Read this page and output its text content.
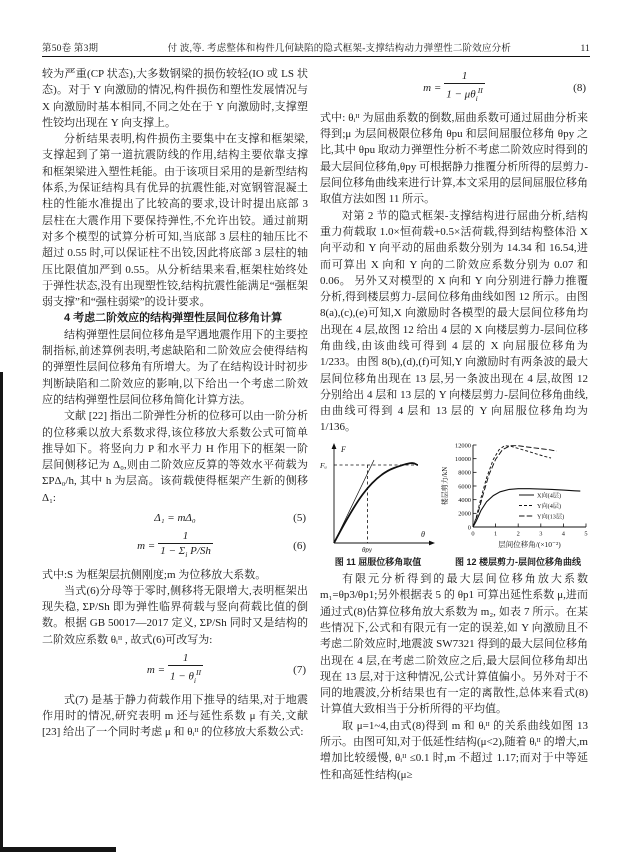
第50卷 第3期	付 波,等. 考虑整体和构件几何缺陷的隐式框架-支撑结构动力弹塑性二阶效应分析	11

较为严重(CP 状态),大多数钢梁的损伤较轻(IO 或 LS 状态)。对于 Y 向激励的情况,构件损伤和塑性发展情况与 X 向激励时基本相同,不同之处在于 Y 向激励时,支撑塑性铰均出现在 Y 向支撑上。

分析结果表明,构件损伤主要集中在支撑和框架梁,支撑起到了第一道抗震防线的作用,结构主要依靠支撑和框架梁进入塑性耗能。由于该项目采用的是新型结构体系,为保证结构具有优异的抗震性能,对宽钢管混凝土柱的性能水准提出了比较高的要求,设计时提出底部 3 层柱在大震作用下要保持弹性,不允许出铰。通过前期对多个模型的试算分析可知,当底部 3 层柱的轴压比不超过 0.55 时,可以保证柱不出铰,因此将底部 3 层柱的轴压比限值加严到 0.55。从分析结果来看,框架柱始终处于弹性状态,没有出现塑性铰,结构抗震性能满足“强框架弱支撑”和“强柱弱梁”的设计要求。

4 考虑二阶效应的结构弹塑性层间位移角计算

结构弹塑性层间位移角是罕遇地震作用下的主要控制指标,前述算例表明,考虑缺陷和二阶效应会使得结构的弹塑性层间位移角有所增大。为了在结构设计时初步判断缺陷和二阶效应的影响,以下给出一个考虑二阶效应的结构弹塑性层间位移角简化计算方法。

文献 [22] 指出二阶弹性分析的位移可以由一阶分析的位移乘以放大系数求得,该位移放大系数公式可简单推导如下。将竖向力 P 和水平力 H 作用下的框架一阶层间侧移记为 Δ₀,则由二阶效应反算的等效水平荷载为 ΣPΔ₀/h, 其中 h 为层高。该荷载使得框架产生新的侧移 Δ₁:

Δ₁ = mΔ₀	(5)
$m = \frac{1}{1 - \Sigma_i P/Sh}$	(6)

式中:S 为框架层抗侧刚度;m 为位移放大系数。

当式(6)分母等于零时,侧移将无限增大,表明框架出现失稳, ΣP/Sh 即为弹性临界荷载与竖向荷载比值的倒数。根据 GB 50017—2017 定义, ΣP/Sh 同时又是结构的二阶效应系数 θᵢᴵᴵ , 故式(6)可改写为:

$m = \frac{1}{1 - \theta_i^{II}}$	(7)

式(7) 是基于静力荷载作用下推导的结果,对于地震作用时的情况,研究表明 m 还与延性系数 μ 有关,文献 [23] 给出了一个同时考虑 μ 和 θᵢᴵᴵ 的位移放大系数公式:

$m = \frac{1}{1 - \mu\theta_i^{II}}$	(8)

式中: θᵢᴵᴵ 为屈曲系数的倒数,屈曲系数可通过屈曲分析来得到;μ 为层间极限位移角 θpu 和层间屈服位移角 θpy 之比,其中 θpu 取动力弹塑性分析不考虑二阶效应时得到的最大层间位移角,θpy 可根据静力推覆分析所得的层剪力-层间位移角曲线来进行计算,本文采用的层间屈服位移角取值方法如图 11 所示。

对第 2 节的隐式框架-支撑结构进行屈曲分析,结构重力荷载取 1.0×恒荷载+0.5×活荷载,得到结构整体沿 X 向平动和 Y 向平动的屈曲系数分别为 14.34 和 16.54,进而可算出 X 向和 Y 向的二阶效应系数分别为 0.07 和 0.06。 另外又对模型的 X 向和 Y 向分别进行静力推覆分析,得到楼层剪力-层间位移角曲线如图 12 所示。由图 8(a),(c),(e)可知,X 向激励时各模型的最大层间位移角均出现在 4 层,故图 12 给出 4 层的 X 向楼层剪力-层间位移角曲线,由该曲线可得到 4 层的 X 向屈服位移角为 1/233。由图 8(b),(d),(f)可知,Y 向激励时有两条波的最大层间位移角出现在 13 层,另一条波出现在 4 层,故图 12 分别给出 4 层和 13 层的 Y 向楼层剪力-层间位移角曲线,由曲线可得到 4 层和 13 层的 Y 向屈服位移角均为 1/136。

F
θ
Fᵤ
θpy
图 11 屈服位移角取值
0
2000
4000
6000
8000
10000
12000
0	1	2	3	4	5
X向(4层)
Y向(4层)
Y向(13层)
楼层剪力/kN
层间位移角/(×10⁻²)
图 12 楼层剪力-层间位移角曲线

有限元分析得到的最大层间位移角放大系数 m₁=θp3/θp1;另外根据表 5 的 θp1 可算出延性系数 μ,进而通过式(8)估算位移角放大系数为 m₂, 如表 7 所示。在某些情况下,公式和有限元有一定的误差,如 Y 向激励且不考虑二阶效应时,地震波 SW7321 得到的最大层间位移角出现在 4 层,在考虑二阶效应之后,最大层间位移角却出现在 13 层,对于这种情况,公式计算值偏小。另外对于不同的地震波,分析结果也有一定的离散性,总体来看式(8)计算值大致相当于分析所得的平均值。

取 μ=1~4,由式(8)得到 m 和 θᵢᴵᴵ 的关系曲线如图 13 所示。由图可知,对于低延性结构(μ<2),随着 θᵢᴵᴵ 的增大,m 增加比较缓慢, θᵢᴵᴵ ≤0.1 时,m 不超过 1.17;而对于中等延性和高延性结构(μ≥
